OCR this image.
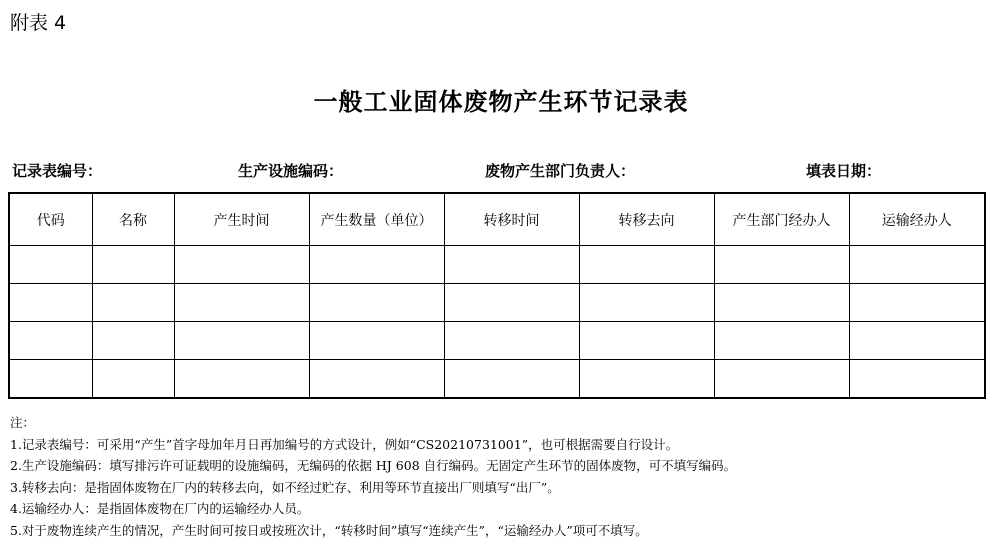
附表 4
一般工业固体废物产生环节记录表
记录表编号：	生产设施编码：	废物产生部门负责人：	填表日期：
代码	名称	产生时间	产生数量（单位）	转移时间	转移去向	产生部门经办人	运输经办人

注：
1.记录表编号：可采用“产生”首字母加年月日再加编号的方式设计，例如“CS20210731001”，也可根据需要自行设计。
2.生产设施编码：填写排污许可证载明的设施编码，无编码的依据 HJ 608 自行编码。无固定产生环节的固体废物，可不填写编码。
3.转移去向：是指固体废物在厂内的转移去向，如不经过贮存、利用等环节直接出厂则填写“出厂”。
4.运输经办人：是指固体废物在厂内的运输经办人员。
5.对于废物连续产生的情况，产生时间可按日或按班次计，“转移时间”填写“连续产生”，“运输经办人”项可不填写。
